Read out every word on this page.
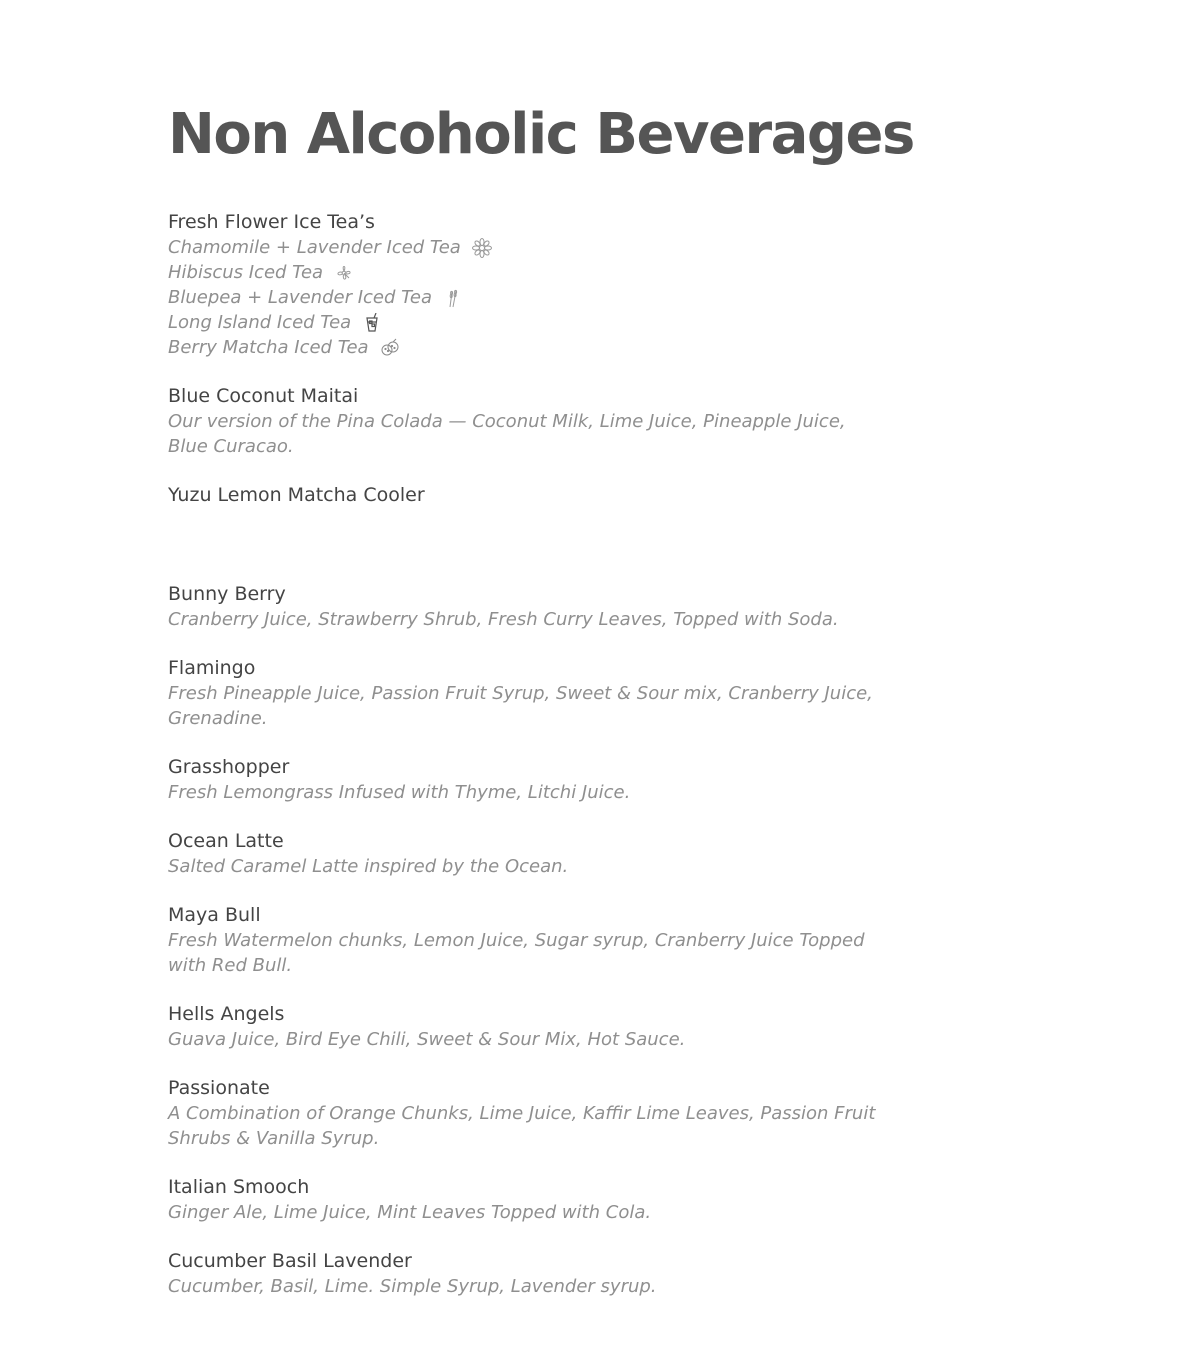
Non Alcoholic Beverages
Fresh Flower Ice Tea’s
Chamomile + Lavender Iced Tea
Hibiscus Iced Tea
Bluepea + Lavender Iced Tea
Long Island Iced Tea
Berry Matcha Iced Tea
Blue Coconut Maitai
Our version of the Pina Colada — Coconut Milk, Lime Juice, Pineapple Juice, Blue Curacao.
Yuzu Lemon Matcha Cooler
Bunny Berry
Cranberry Juice, Strawberry Shrub, Fresh Curry Leaves, Topped with Soda.
Flamingo
Fresh Pineapple Juice, Passion Fruit Syrup, Sweet & Sour mix, Cranberry Juice, Grenadine.
Grasshopper
Fresh Lemongrass Infused with Thyme, Litchi Juice.
Ocean Latte
Salted Caramel Latte inspired by the Ocean.
Maya Bull
Fresh Watermelon chunks, Lemon Juice, Sugar syrup, Cranberry Juice Topped with Red Bull.
Hells Angels
Guava Juice, Bird Eye Chili, Sweet & Sour Mix, Hot Sauce.
Passionate
A Combination of Orange Chunks, Lime Juice, Kaffir Lime Leaves, Passion Fruit Shrubs & Vanilla Syrup.
Italian Smooch
Ginger Ale, Lime Juice, Mint Leaves Topped with Cola.
Cucumber Basil Lavender
Cucumber, Basil, Lime. Simple Syrup, Lavender syrup.
